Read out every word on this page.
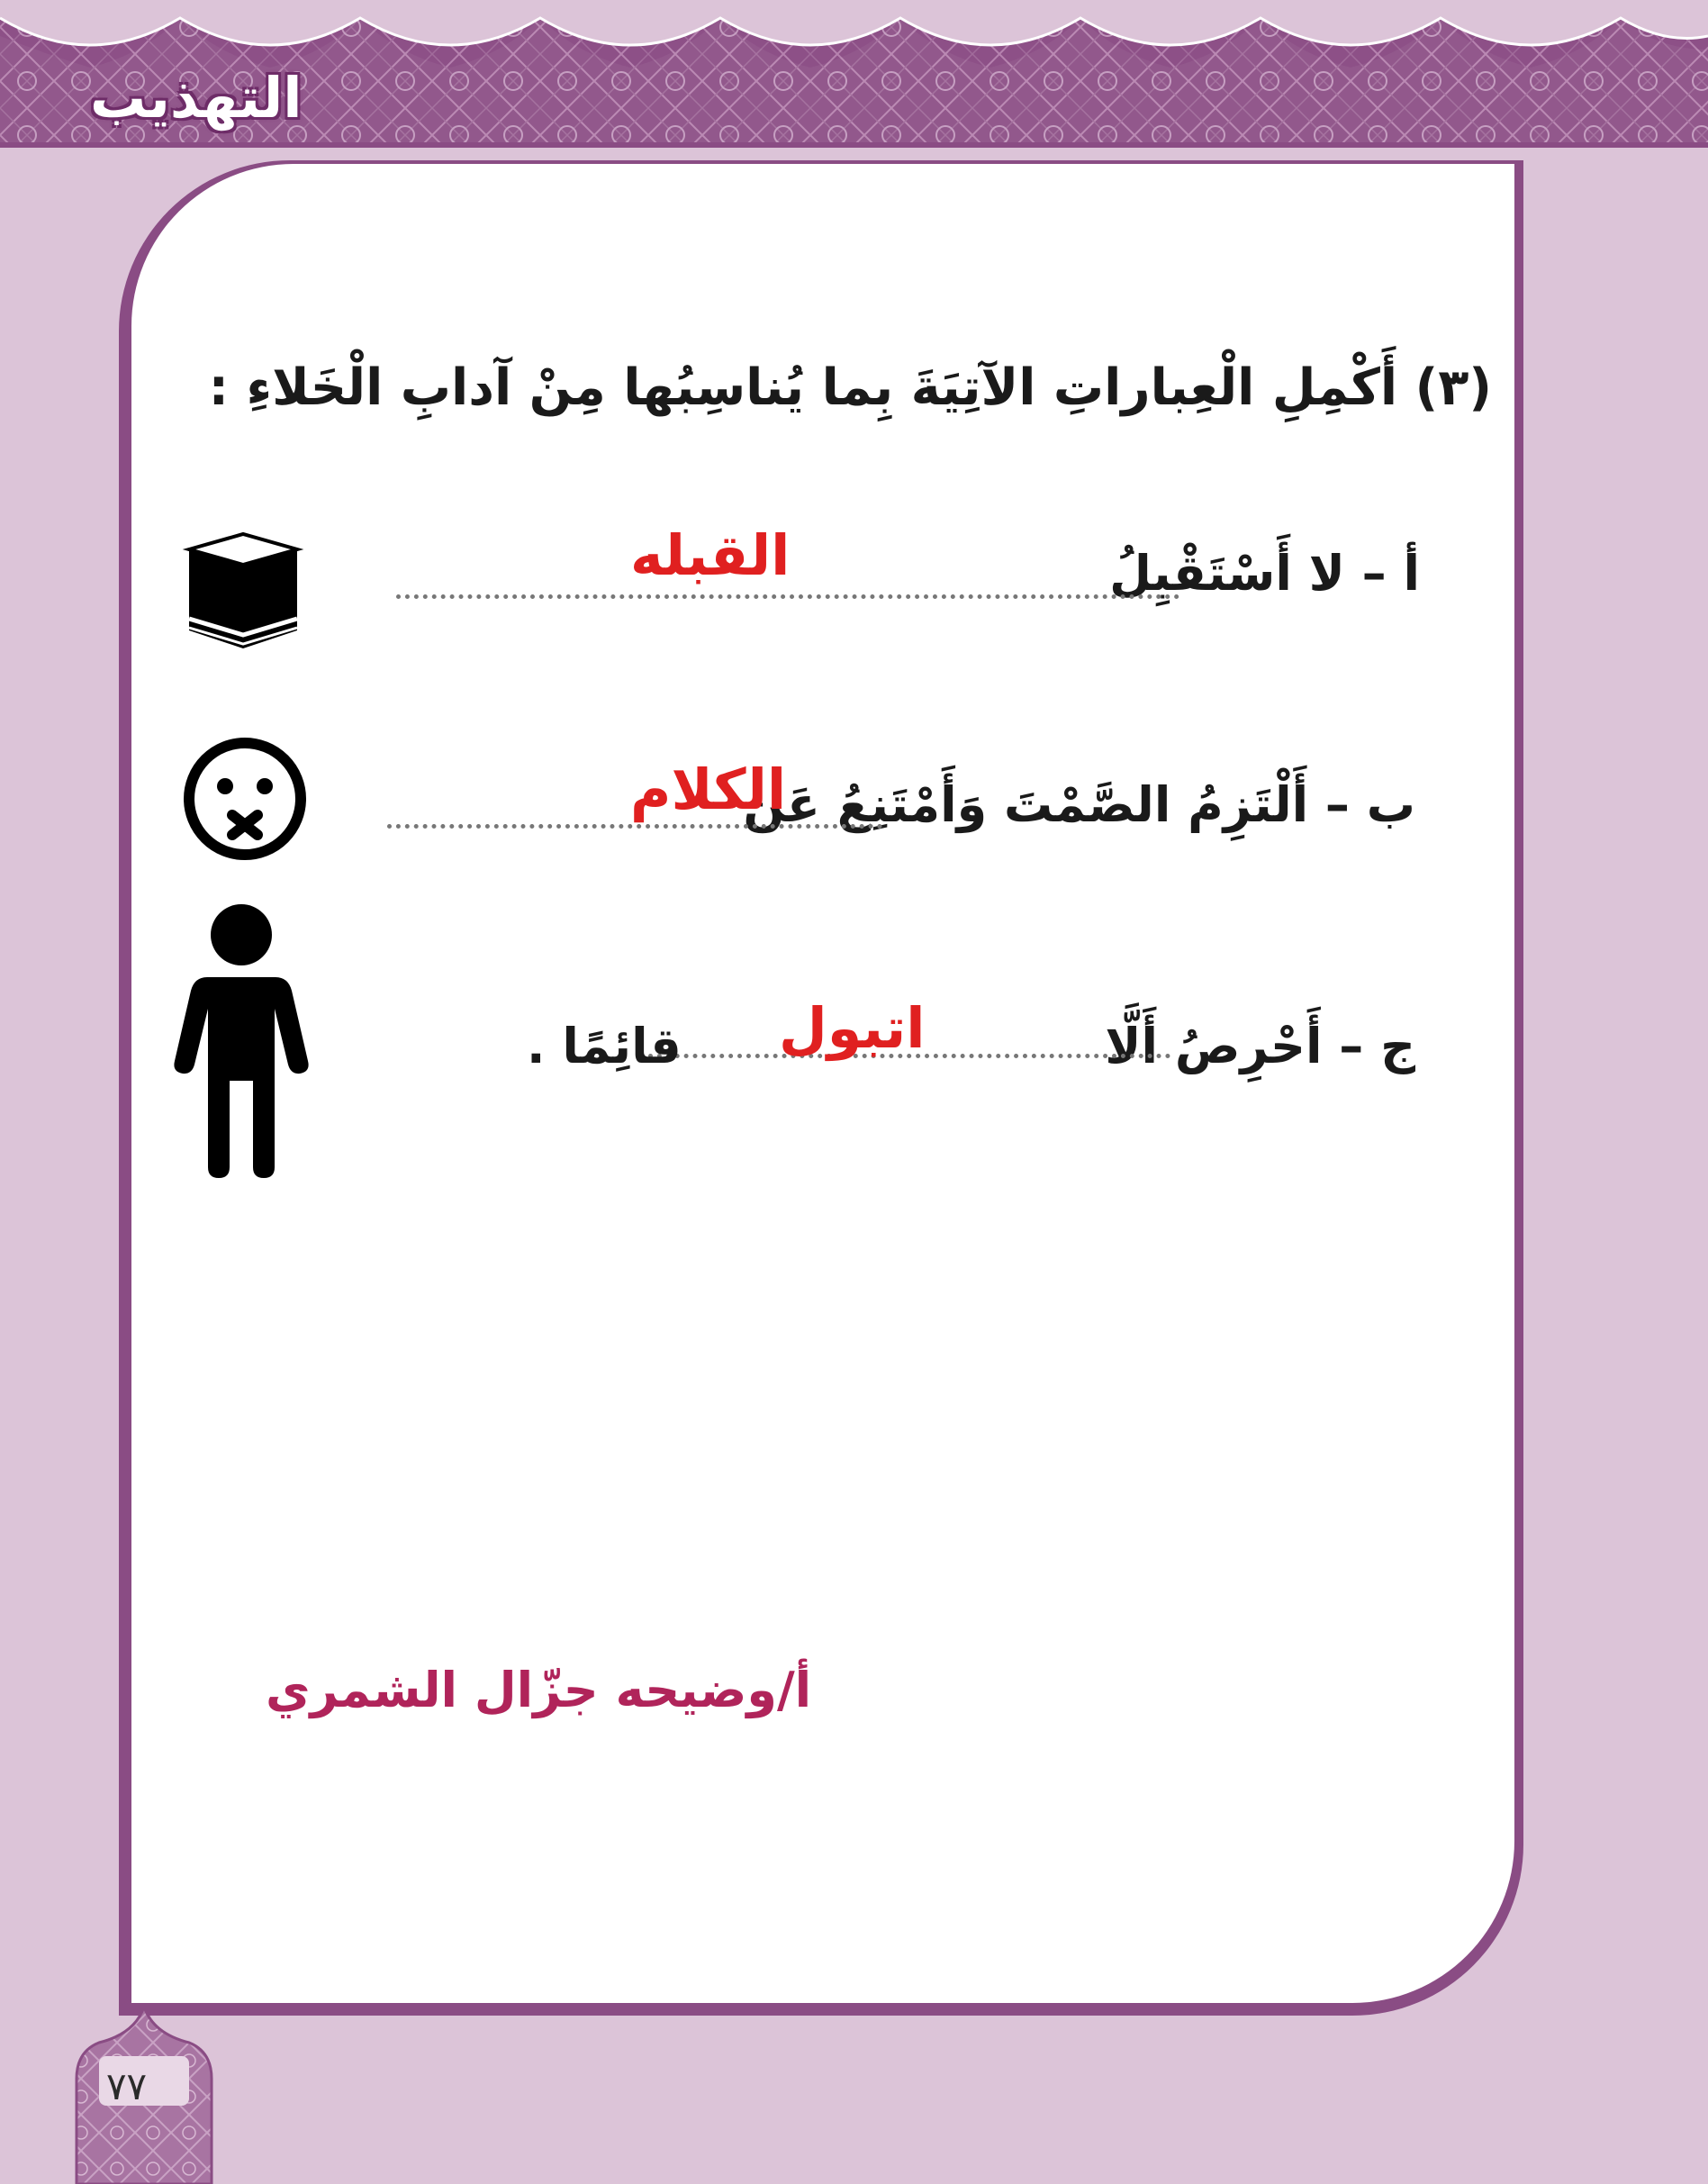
التهذيب
(٣) أَكْمِلِ الْعِباراتِ الآتِيَةَ بِما يُناسِبُها مِنْ آدابِ الْخَلاءِ :
أ – لا أَسْتَقْبِلُ
القبله
ب – أَلْتَزِمُ الصَّمْتَ وَأَمْتَنِعُ عَن
الكلام
ج – أَحْرِصُ أَلَّا
اتبول
قائِمًا .
أ/وضيحه جزّال الشمري
٧٧
